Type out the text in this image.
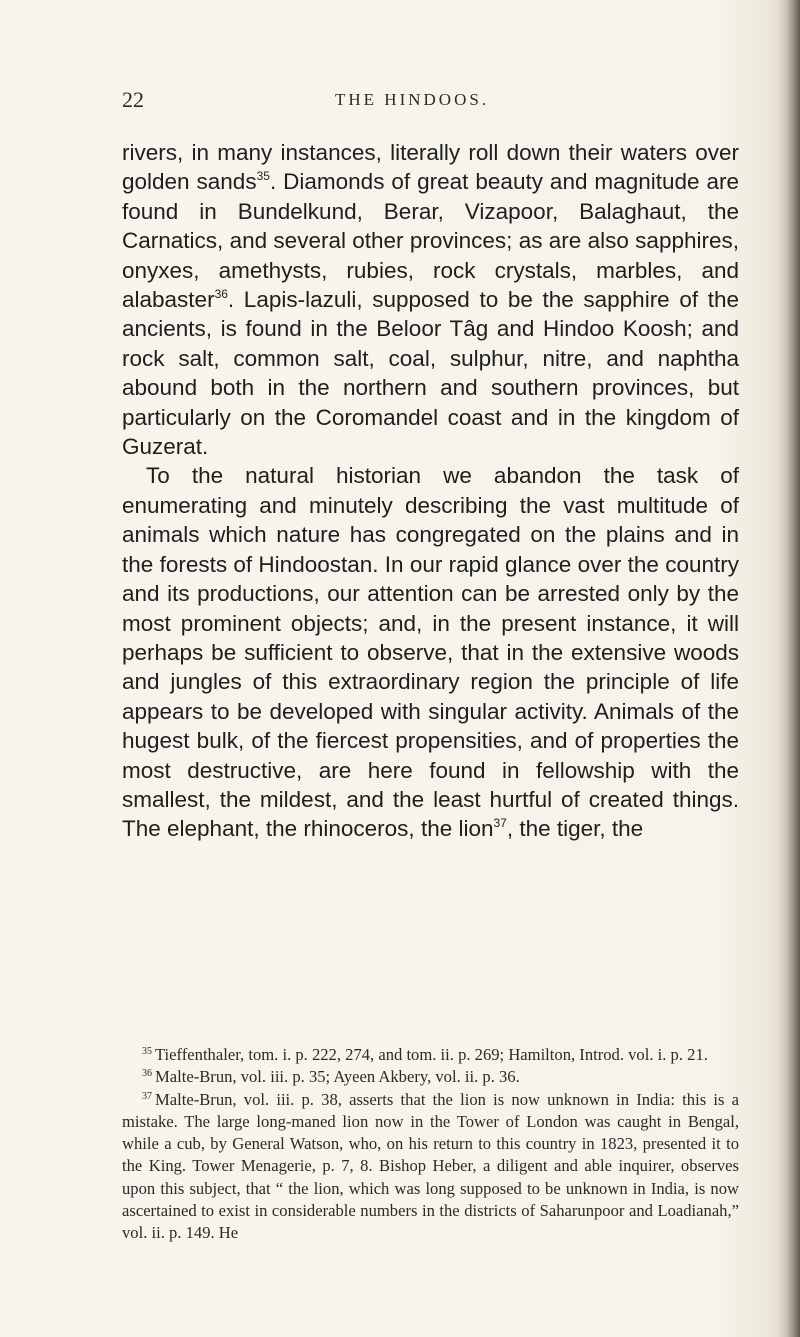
22	THE HINDOOS.

rivers, in many instances, literally roll down their waters over golden sands$^{35}$. Diamonds of great beauty and magnitude are found in Bundelkund, Berar, Vizapoor, Balaghaut, the Carnatics, and several other provinces; as are also sapphires, onyxes, amethysts, rubies, rock crystals, marbles, and alabaster$^{36}$. Lapis-lazuli, supposed to be the sapphire of the ancients, is found in the Beloor Tâg and Hindoo Koosh; and rock salt, common salt, coal, sulphur, nitre, and naphtha abound both in the northern and southern provinces, but particularly on the Coromandel coast and in the kingdom of Guzerat.

To the natural historian we abandon the task of enumerating and minutely describing the vast multitude of animals which nature has congregated on the plains and in the forests of Hindoostan. In our rapid glance over the country and its productions, our attention can be arrested only by the most prominent objects; and, in the present instance, it will perhaps be sufficient to observe, that in the extensive woods and jungles of this extraordinary region the principle of life appears to be developed with singular activity. Animals of the hugest bulk, of the fiercest propensities, and of properties the most destructive, are here found in fellowship with the smallest, the mildest, and the least hurtful of created things. The elephant, the rhinoceros, the lion$^{37}$, the tiger, the

$^{35}$ Tieffenthaler, tom. i. p. 222, 274, and tom. ii. p. 269; Hamilton, Introd. vol. i. p. 21.

$^{36}$ Malte-Brun, vol. iii. p. 35; Ayeen Akbery, vol. ii. p. 36.

$^{37}$ Malte-Brun, vol. iii. p. 38, asserts that the lion is now unknown in India: this is a mistake. The large long-maned lion now in the Tower of London was caught in Bengal, while a cub, by General Watson, who, on his return to this country in 1823, presented it to the King. Tower Menagerie, p. 7, 8. Bishop Heber, a diligent and able inquirer, observes upon this subject, that “ the lion, which was long supposed to be unknown in India, is now ascertained to exist in considerable numbers in the districts of Saharunpoor and Loadianah,” vol. ii. p. 149. He
